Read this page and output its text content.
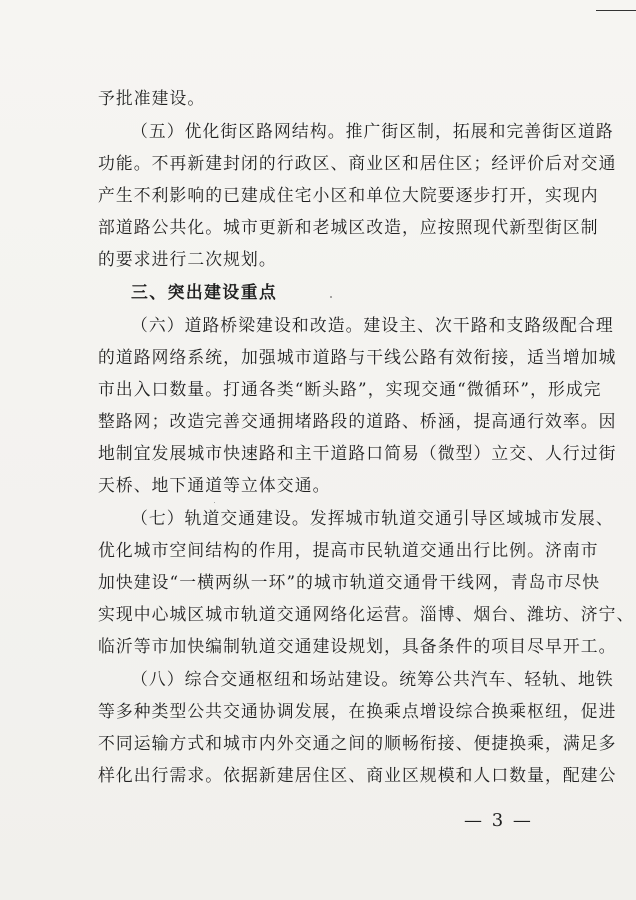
予批准建设。
（五）优化街区路网结构。推广街区制，拓展和完善街区道路
功能。不再新建封闭的行政区、商业区和居住区；经评价后对交通
产生不利影响的已建成住宅小区和单位大院要逐步打开，实现内
部道路公共化。城市更新和老城区改造，应按照现代新型街区制
的要求进行二次规划。
三、突出建设重点
（六）道路桥梁建设和改造。建设主、次干路和支路级配合理
的道路网络系统，加强城市道路与干线公路有效衔接，适当增加城
市出入口数量。打通各类“断头路”，实现交通“微循环”，形成完
整路网；改造完善交通拥堵路段的道路、桥涵，提高通行效率。因
地制宜发展城市快速路和主干道路口简易（微型）立交、人行过街
天桥、地下通道等立体交通。
（七）轨道交通建设。发挥城市轨道交通引导区域城市发展、
优化城市空间结构的作用，提高市民轨道交通出行比例。济南市
加快建设“一横两纵一环”的城市轨道交通骨干线网，青岛市尽快
实现中心城区城市轨道交通网络化运营。淄博、烟台、潍坊、济宁、
临沂等市加快编制轨道交通建设规划，具备条件的项目尽早开工。
（八）综合交通枢纽和场站建设。统筹公共汽车、轻轨、地铁
等多种类型公共交通协调发展，在换乘点增设综合换乘枢纽，促进
不同运输方式和城市内外交通之间的顺畅衔接、便捷换乘，满足多
样化出行需求。依据新建居住区、商业区规模和人口数量，配建公
— 3 —
